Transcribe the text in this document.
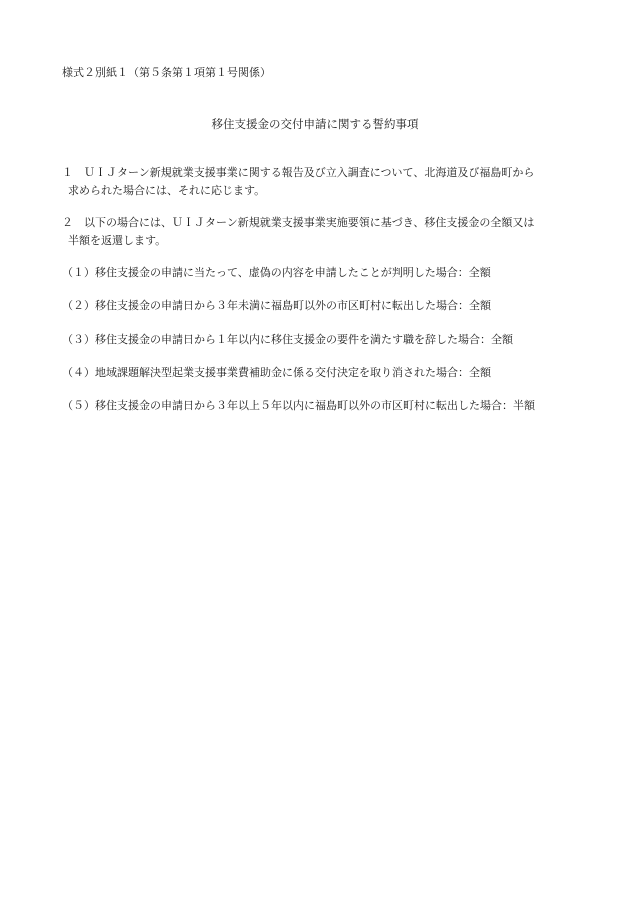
様式２別紙１（第５条第１項第１号関係）
移住支援金の交付申請に関する誓約事項
１ ＵＩＪターン新規就業支援事業に関する報告及び立入調査について、北海道及び福島町から
求められた場合には、それに応じます。
２ 以下の場合には、ＵＩＪターン新規就業支援事業実施要領に基づき、移住支援金の全額又は
半額を返還します。
（１）移住支援金の申請に当たって、虚偽の内容を申請したことが判明した場合：全額
（２）移住支援金の申請日から３年未満に福島町以外の市区町村に転出した場合：全額
（３）移住支援金の申請日から１年以内に移住支援金の要件を満たす職を辞した場合：全額
（４）地域課題解決型起業支援事業費補助金に係る交付決定を取り消された場合：全額
（５）移住支援金の申請日から３年以上５年以内に福島町以外の市区町村に転出した場合：半額
